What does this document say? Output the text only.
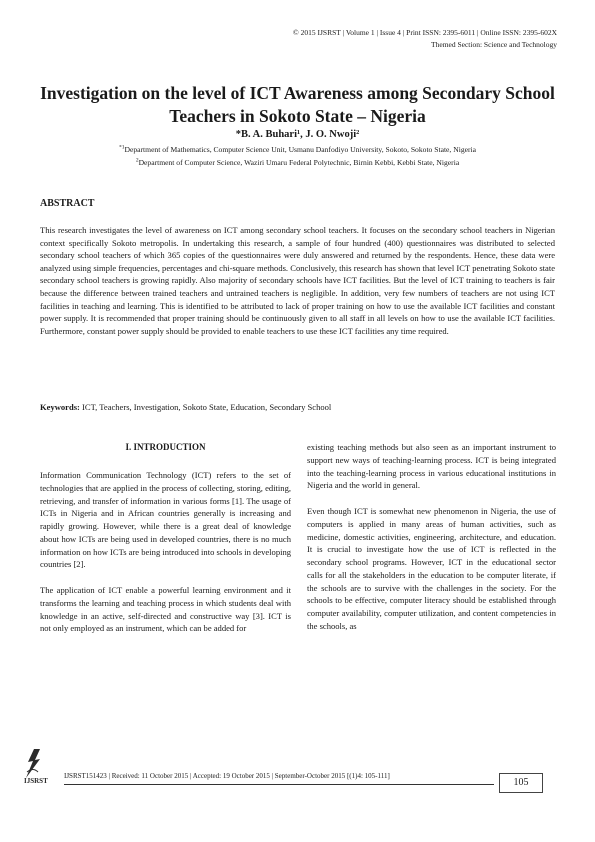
© 2015 IJSRST | Volume 1 | Issue 4 | Print ISSN: 2395-6011 | Online ISSN: 2395-602X
Themed Section: Science and Technology
Investigation on the level of ICT Awareness among Secondary School Teachers in Sokoto State – Nigeria
*B. A. Buhari¹, J. O. Nwoji²
$^{*1}$Department of Mathematics, Computer Science Unit, Usmanu Danfodiyo University, Sokoto, Sokoto State, Nigeria
$^2$Department of Computer Science, Waziri Umaru Federal Polytechnic, Birnin Kebbi, Kebbi State, Nigeria
ABSTRACT

This research investigates the level of awareness on ICT among secondary school teachers. It focuses on the secondary school teachers in Nigerian context specifically Sokoto metropolis. In undertaking this research, a sample of four hundred (400) questionnaires was distributed to selected secondary school teachers of which 365 copies of the questionnaires were duly answered and returned by the respondents. Hence, these data were analyzed using simple frequencies, percentages and chi-square methods. Conclusively, this research has shown that level ICT penetrating Sokoto state secondary school teachers is growing rapidly. Also majority of secondary schools have ICT facilities. But the level of ICT training to teachers is fair because the difference between trained teachers and untrained teachers is negligible. In addition, very few numbers of teachers are not using ICT facilities in teaching and learning. This is identified to be attributed to lack of proper training on how to use the available ICT facilities and constant power supply. It is recommended that proper training should be continuously given to all staff in all levels on how to use the available ICT facilities. Furthermore, constant power supply should be provided to enable teachers to use these ICT facilities any time required.

Keywords: ICT, Teachers, Investigation, Sokoto State, Education, Secondary School
I. INTRODUCTION

Information Communication Technology (ICT) refers to the set of technologies that are applied in the process of collecting, storing, editing, retrieving, and transfer of information in various forms [1]. The usage of ICTs in Nigeria and in African countries generally is increasing and rapidly growing. However, while there is a great deal of knowledge about how ICTs are being used in developed countries, there is no much information on how ICTs are being introduced into schools in developing countries [2].

The application of ICT enable a powerful learning environment and it transforms the learning and teaching process in which students deal with knowledge in an active, self-directed and constructive way [3]. ICT is not only employed as an instrument, which can be added for

existing teaching methods but also seen as an important instrument to support new ways of teaching-learning process. ICT is being integrated into the teaching-learning process in various educational institutions in Nigeria and the world in general.

Even though ICT is somewhat new phenomenon in Nigeria, the use of computers is applied in many areas of human activities, such as medicine, domestic activities, engineering, architecture, and education. It is crucial to investigate how the use of ICT is reflected in the secondary school programs. However, ICT in the educational sector calls for all the stakeholders in the education to be computer literate, if the schools are to survive with the challenges in the society. For the schools to be effective, computer literacy should be established through computer availability, computer utilization, and content competencies in the schools, as

IJSRST
IJSRST151423 | Received: 11 October 2015 | Accepted: 19 October 2015 | September-October 2015 [(1)4: 105-111]
105
